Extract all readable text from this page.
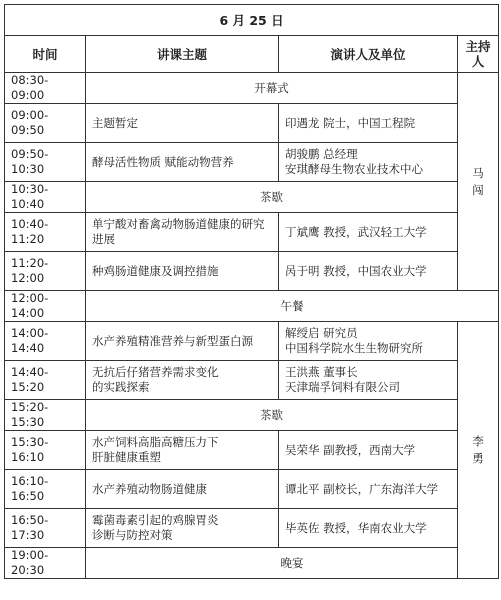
6 月 25 日			
时间	讲课主题	演讲人及单位	主持人
08:30-09:00	开幕式		马闯
09:00-09:50	主题暂定	印遇龙 院士，中国工程院	
09:50-10:30	酵母活性物质 赋能动物营养	胡骏鹏 总经理
安琪酵母生物农业技术中心	
10:30-10:40	茶歇		
10:40-11:20	单宁酸对畜禽动物肠道健康的研究进展	丁斌鹰 教授，武汉轻工大学	
11:20-12:00	种鸡肠道健康及调控措施	呙于明 教授，中国农业大学	
12:00-14:00	午餐		
14:00-14:40	水产养殖精准营养与新型蛋白源	解绶启 研究员
中国科学院水生生物研究所	李勇
14:40-15:20	无抗后仔猪营养需求变化
的实践探索	王洪燕 董事长
天津瑞孚饲料有限公司	
15:20-15:30	茶歇		
15:30-16:10	水产饲料高脂高糖压力下
肝脏健康重塑	吴荣华 副教授，西南大学	
16:10-16:50	水产养殖动物肠道健康	谭北平 副校长，广东海洋大学	
16:50-17:30	霉菌毒素引起的鸡腺胃炎
诊断与防控对策	毕英佐 教授，华南农业大学	
19:00-20:30	晚宴		
